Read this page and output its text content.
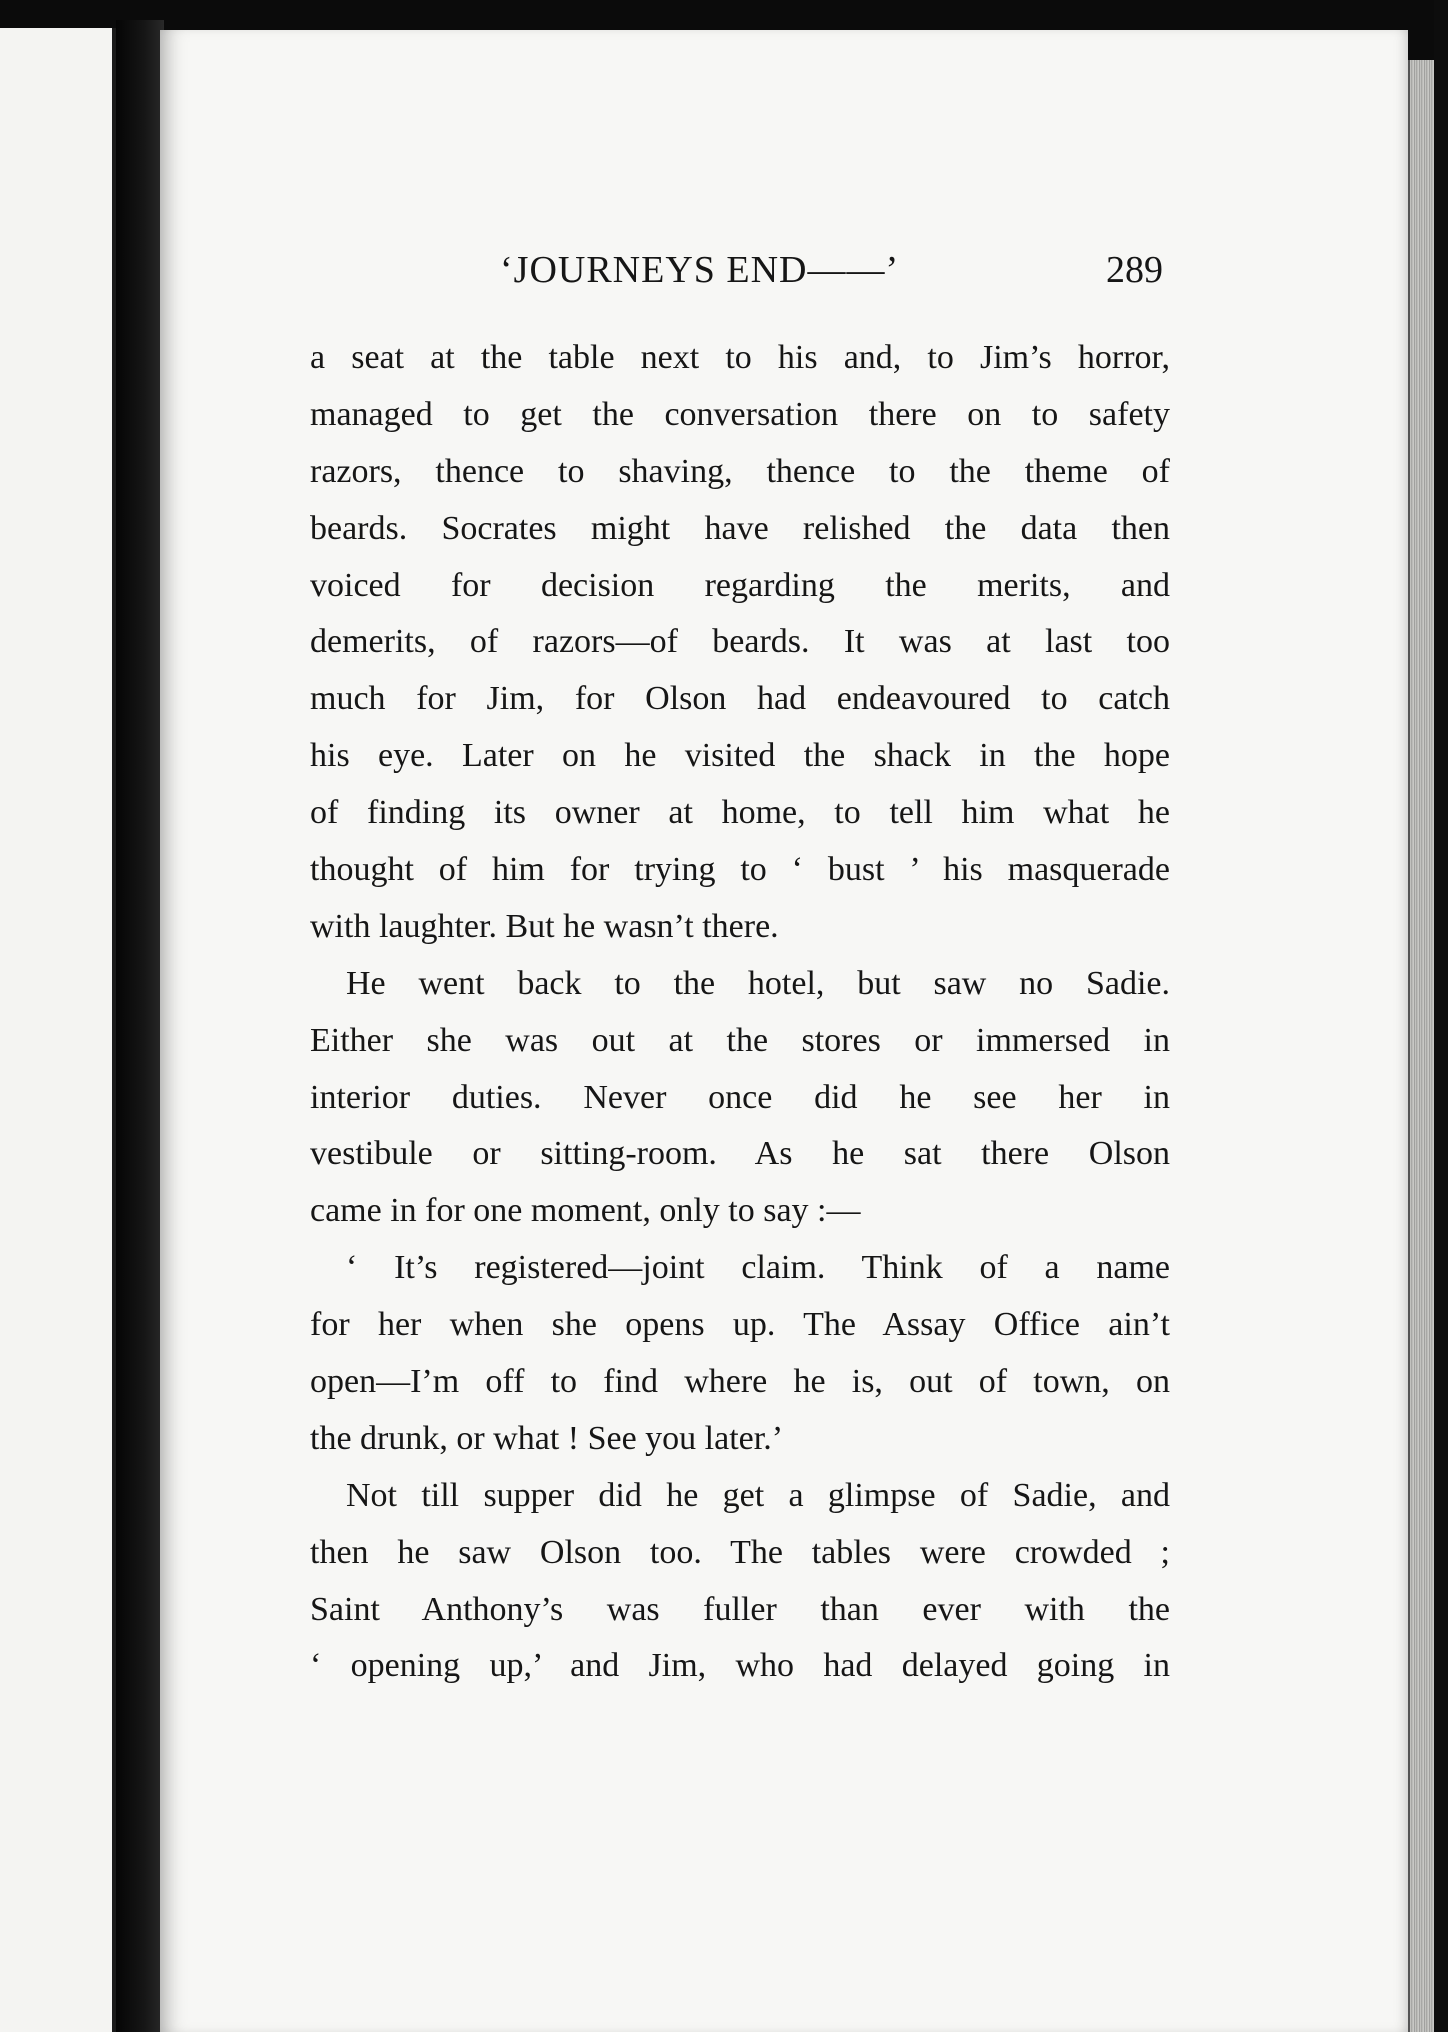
‘JOURNEYS END——’	289
a seat at the table next to his and, to Jim’s horror,
managed to get the conversation there on to safety
razors, thence to shaving, thence to the theme of
beards. Socrates might have relished the data then
voiced for decision regarding the merits, and
demerits, of razors—of beards. It was at last too
much for Jim, for Olson had endeavoured to catch
his eye. Later on he visited the shack in the hope
of finding its owner at home, to tell him what he
thought of him for trying to ‘ bust ’ his masquerade
with laughter. But he wasn’t there.
He went back to the hotel, but saw no Sadie.
Either she was out at the stores or immersed in
interior duties. Never once did he see her in
vestibule or sitting-room. As he sat there Olson
came in for one moment, only to say :—
‘ It’s registered—joint claim. Think of a name
for her when she opens up. The Assay Office ain’t
open—I’m off to find where he is, out of town, on
the drunk, or what ! See you later.’
Not till supper did he get a glimpse of Sadie, and
then he saw Olson too. The tables were crowded ;
Saint Anthony’s was fuller than ever with the
‘ opening up,’ and Jim, who had delayed going in
